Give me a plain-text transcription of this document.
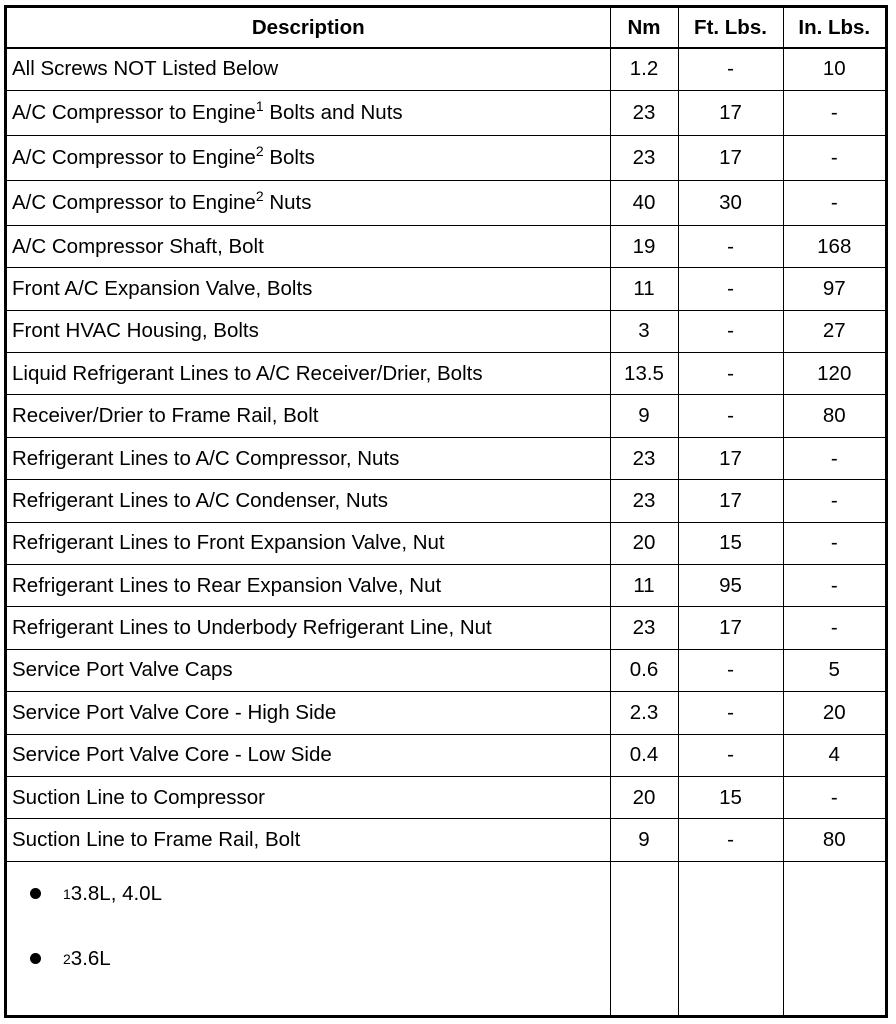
Description	Nm	Ft. Lbs.	In. Lbs.
All Screws NOT Listed Below	1.2	-	10
A/C Compressor to Engine$^1$ Bolts and Nuts	23	17	-
A/C Compressor to Engine$^2$ Bolts	23	17	-
A/C Compressor to Engine$^2$ Nuts	40	30	-
A/C Compressor Shaft, Bolt	19	-	168
Front A/C Expansion Valve, Bolts	11	-	97
Front HVAC Housing, Bolts	3	-	27
Liquid Refrigerant Lines to A/C Receiver/Drier, Bolts	13.5	-	120
Receiver/Drier to Frame Rail, Bolt	9	-	80
Refrigerant Lines to A/C Compressor, Nuts	23	17	-
Refrigerant Lines to A/C Condenser, Nuts	23	17	-
Refrigerant Lines to Front Expansion Valve, Nut	20	15	-
Refrigerant Lines to Rear Expansion Valve, Nut	11	95	-
Refrigerant Lines to Underbody Refrigerant Line, Nut	23	17	-
Service Port Valve Caps	0.6	-	5
Service Port Valve Core - High Side	2.3	-	20
Service Port Valve Core - Low Side	0.4	-	4
Suction Line to Compressor	20	15	-
Suction Line to Frame Rail, Bolt	9	-	80

1 3.8L, 4.0L
2 3.6L			
